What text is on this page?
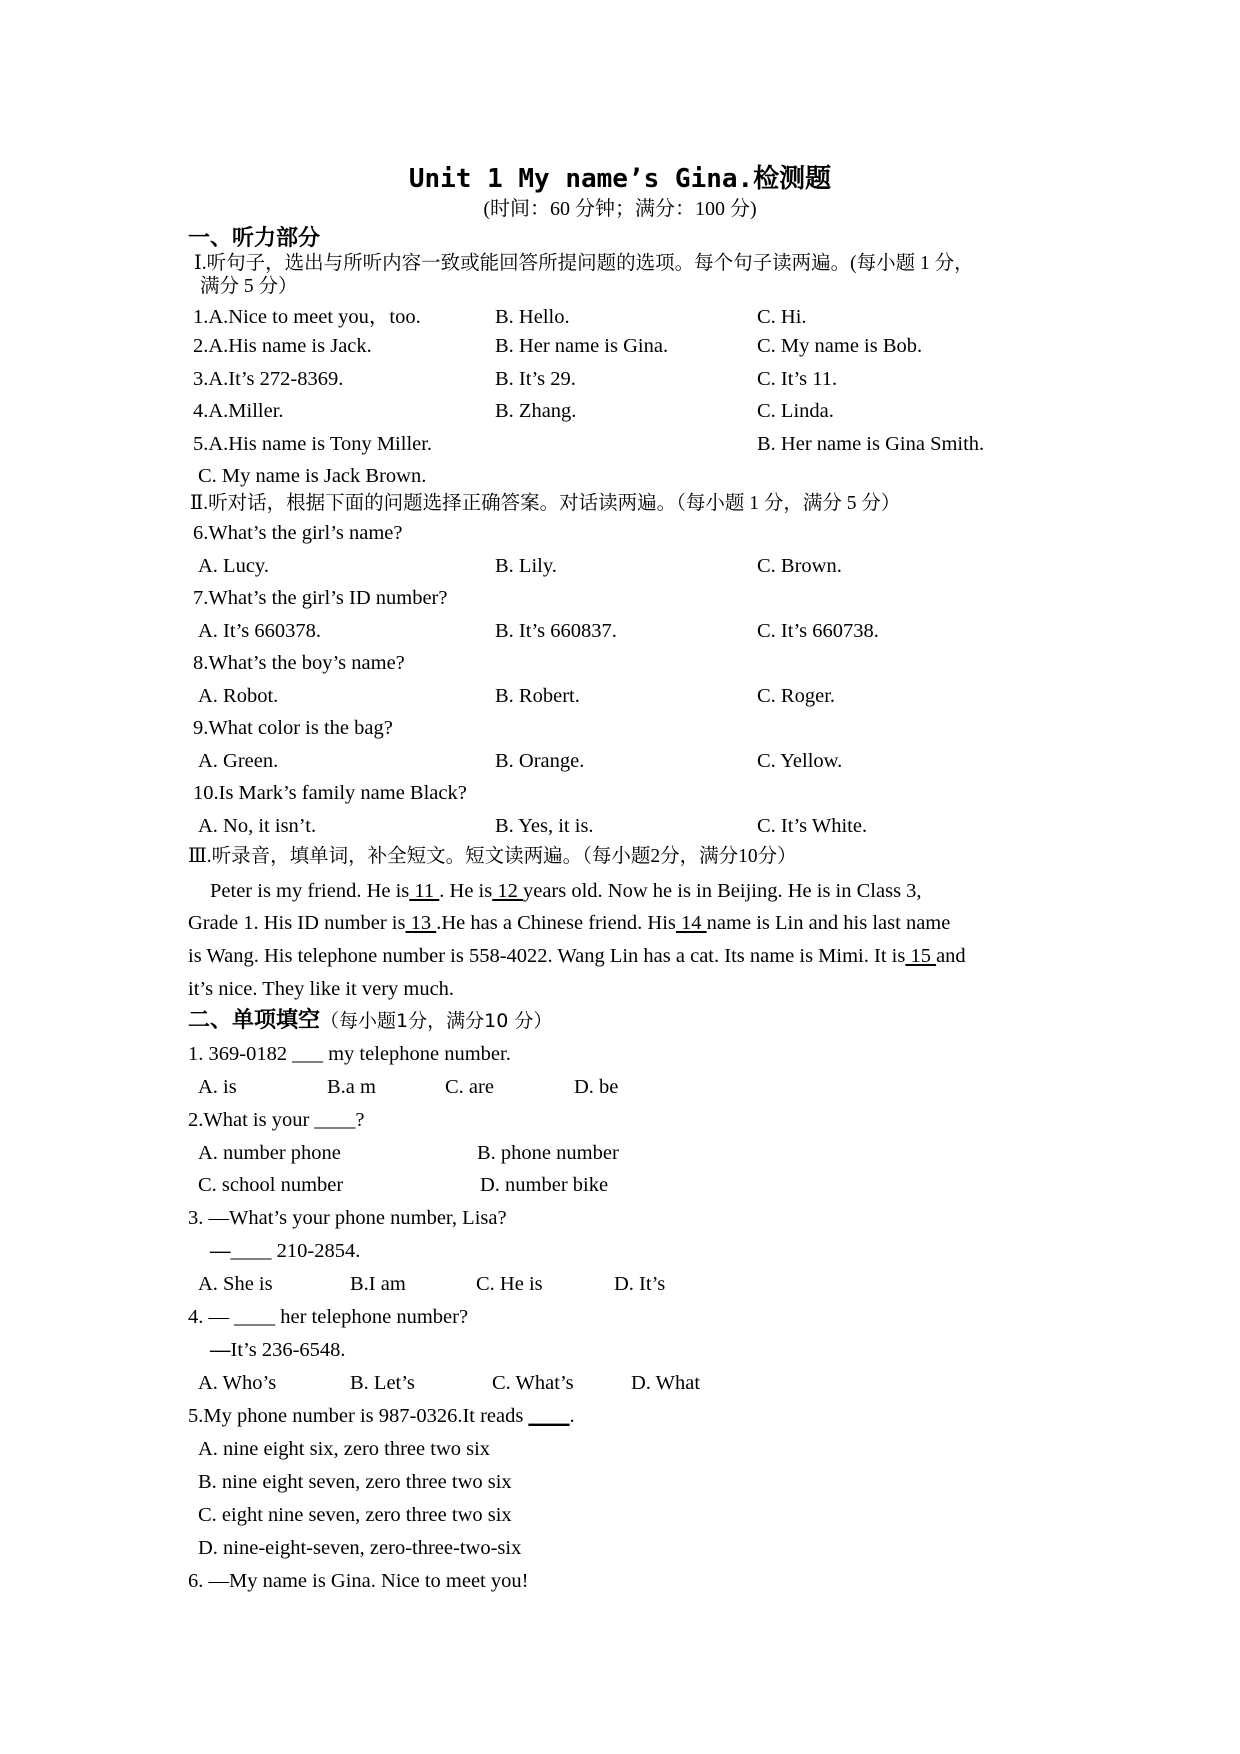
Unit 1 My name’s Gina.检测题
(时间：60 分钟；满分：100 分)
一、听力部分
Ⅰ.听句子，选出与所听内容一致或能回答所提问题的选项。每个句子读两遍。(每小题 1 分，
满分 5 分）
1.A.Nice to meet you，too.	B. Hello.	C. Hi.
2.A.His name is Jack.	B. Her name is Gina.	C. My name is Bob.
3.A.It’s 272-8369.	B. It’s 29.	C. It’s 11.
4.A.Miller.	B. Zhang.	C. Linda.
5.A.His name is Tony Miller.	B. Her name is Gina Smith.
C. My name is Jack Brown.
Ⅱ.听对话，根据下面的问题选择正确答案。对话读两遍。（每小题 1 分，满分 5 分）
6.What’s the girl’s name?
A. Lucy.	B. Lily.	C. Brown.
7.What’s the girl’s ID number?
A. It’s 660378.	B. It’s 660837.	C. It’s 660738.
8.What’s the boy’s name?
A. Robot.	B. Robert.	C. Roger.
9.What color is the bag?
A. Green.	B. Orange.	C. Yellow.
10.Is Mark’s family name Black?
A. No, it isn’t.	B. Yes, it is.	C. It’s White.
Ⅲ.听录音，填单词，补全短文。短文读两遍。（每小题2分，满分10分）
Peter is my friend. He is 11 . He is 12 years old. Now he is in Beijing. He is in Class 3,
Grade 1. His ID number is 13 .He has a Chinese friend. His 14 name is Lin and his last name
is Wang. His telephone number is 558-4022. Wang Lin has a cat. Its name is Mimi. It is 15 and
it’s nice. They like it very much.
二、单项填空（每小题1分，满分10 分）
1. 369-0182 ___ my telephone number.
A. is	B.a m	C. are	D. be
2.What is your ____?
A. number phone	B. phone number
C. school number	D. number bike
3. —What’s your phone number, Lisa?
—____ 210-2854.
A. She is	B.I am	C. He is	D. It’s
4. — ____ her telephone number?
—It’s 236-6548.
A. Who’s	B. Let’s	C. What’s	D. What
5.My phone number is 987-0326.It reads ____.
A. nine eight six, zero three two six
B. nine eight seven, zero three two six
C. eight nine seven, zero three two six
D. nine-eight-seven, zero-three-two-six
6. —My name is Gina. Nice to meet you!
